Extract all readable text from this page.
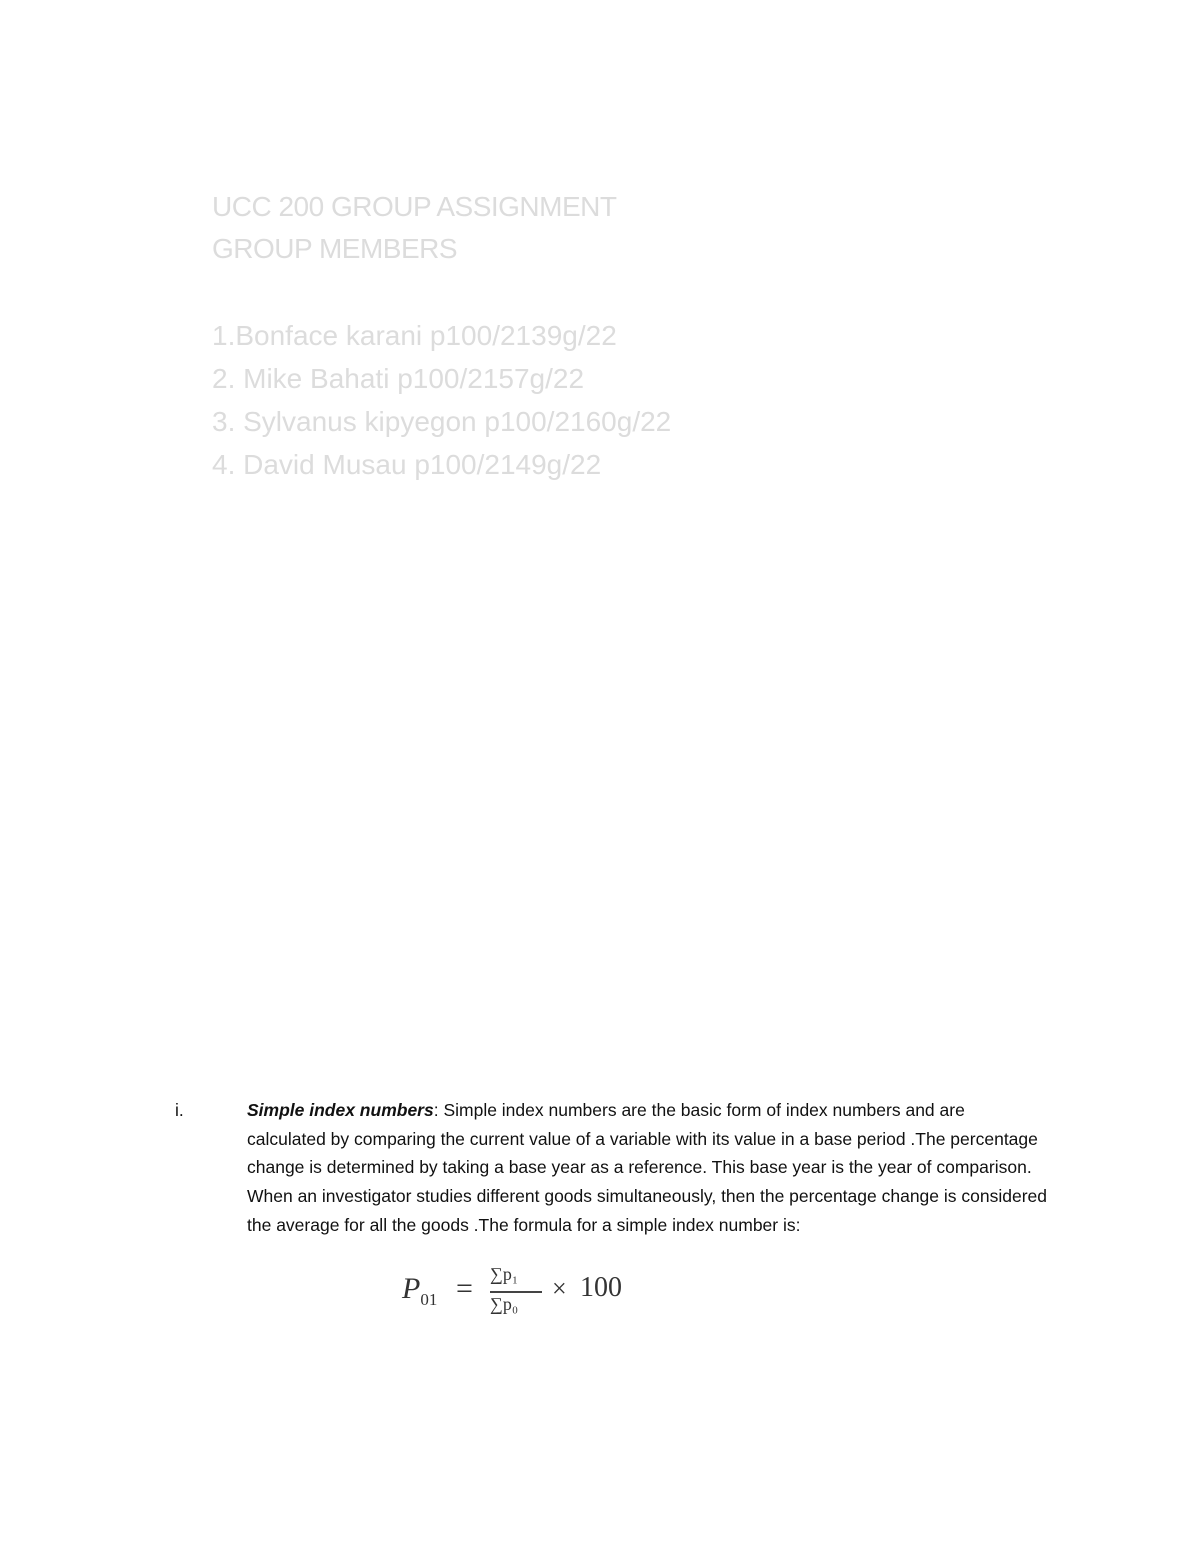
UCC 200 GROUP ASSIGNMENT
GROUP MEMBERS
1.Bonface karani p100/2139g/22
2. Mike Bahati p100/2157g/22
3. Sylvanus kipyegon p100/2160g/22
4. David Musau p100/2149g/22
i.	Simple index numbers: Simple index numbers are the basic form of index numbers and are calculated by comparing the current value of a variable with its value in a base period .The percentage change is determined by taking a base year as a reference. This base year is the year of comparison. When an investigator studies different goods simultaneously, then the percentage change is considered the average for all the goods .The formula for a simple index number is:
$P_{01} = \sum p_1$
∑p₀
× 100
